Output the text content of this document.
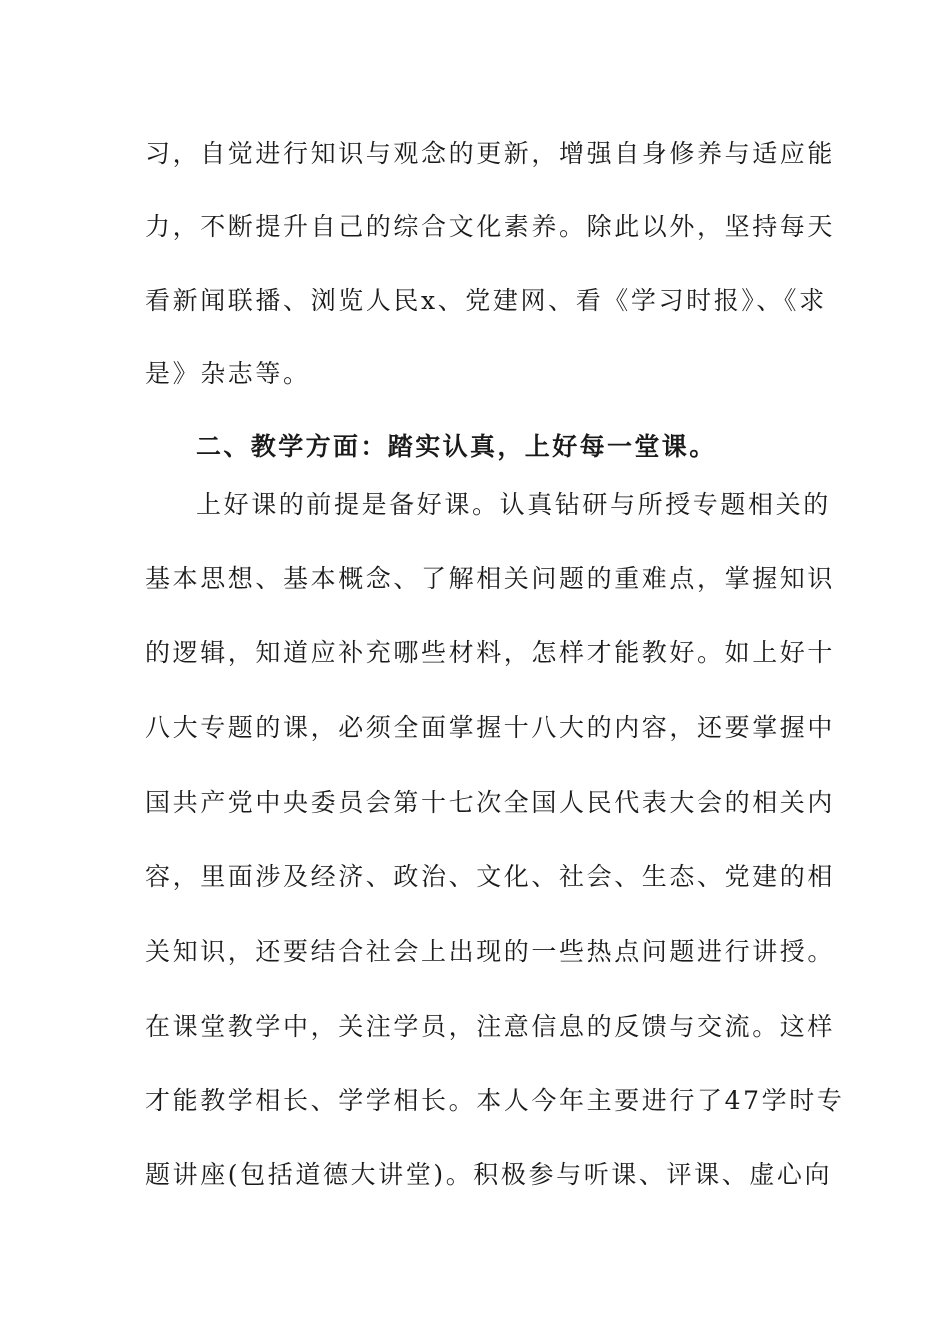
习，自觉进行知识与观念的更新，增强自身修养与适应能
力，不断提升自己的综合文化素养。除此以外，坚持每天
看新闻联播、浏览人民x、党建网、看《学习时报》、《求
是》杂志等。
二、教学方面：踏实认真，上好每一堂课。
上好课的前提是备好课。认真钻研与所授专题相关的
基本思想、基本概念、了解相关问题的重难点，掌握知识
的逻辑，知道应补充哪些材料，怎样才能教好。如上好十
八大专题的课，必须全面掌握十八大的内容，还要掌握中
国共产党中央委员会第十七次全国人民代表大会的相关内
容，里面涉及经济、政治、文化、社会、生态、党建的相
关知识，还要结合社会上出现的一些热点问题进行讲授。
在课堂教学中，关注学员，注意信息的反馈与交流。这样
才能教学相长、学学相长。本人今年主要进行了47学时专
题讲座(包括道德大讲堂)。积极参与听课、评课、虚心向
